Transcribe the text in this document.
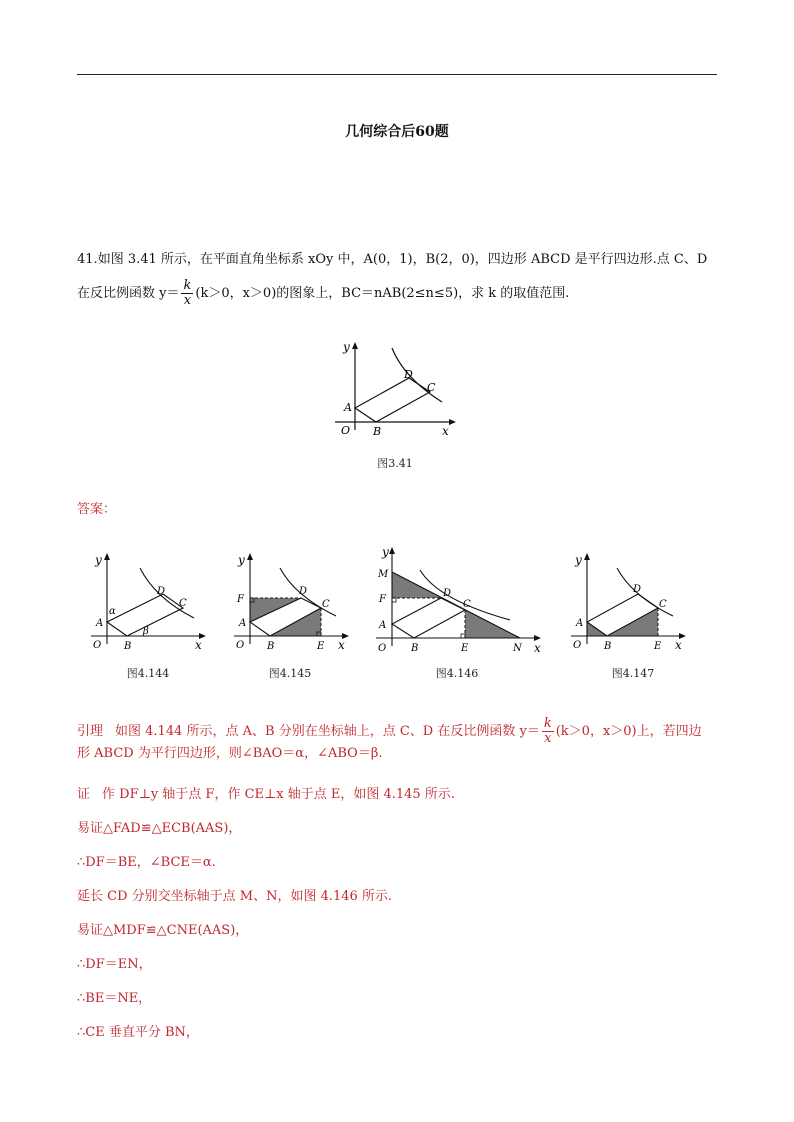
几何综合后60题
41.如图 3.41 所示，在平面直角坐标系 xOy 中，A(0，1)，B(2，0)，四边形 ABCD 是平行四边形.点 C、D
在反比例函数 $y= \frac{k}{x} (k>0$，x＞0)的图象上，BC＝nAB(2≤n≤5)，求 k 的取值范围.
y
x
O
A
B
C
D
图3.41
答案：
y
x
O
A
B
C
D
α
β
图4.144
y
x
O
F
A
B	E
C
D
图4.145
y
x
M
F
A
O B	E	N
D
C
图4.146
y
x
O
A
B	E
C
D
图4.147
引理 如图 4.144 所示，点 A、B 分别在坐标轴上，点 C、D 在反比例函数 $y= \frac{k}{x} (k>0$，x＞0)上，若四边
形 ABCD 为平行四边形，则∠BAO＝α，∠ABO＝β.
证 作 DF⊥y 轴于点 F，作 CE⊥x 轴于点 E，如图 4.145 所示.
易证△FAD≌△ECB(AAS)，
∴DF＝BE，∠BCE＝α.
延长 CD 分别交坐标轴于点 M、N，如图 4.146 所示.
易证△MDF≌△CNE(AAS)，
∴DF＝EN，
∴BE＝NE，
∴CE 垂直平分 BN，
